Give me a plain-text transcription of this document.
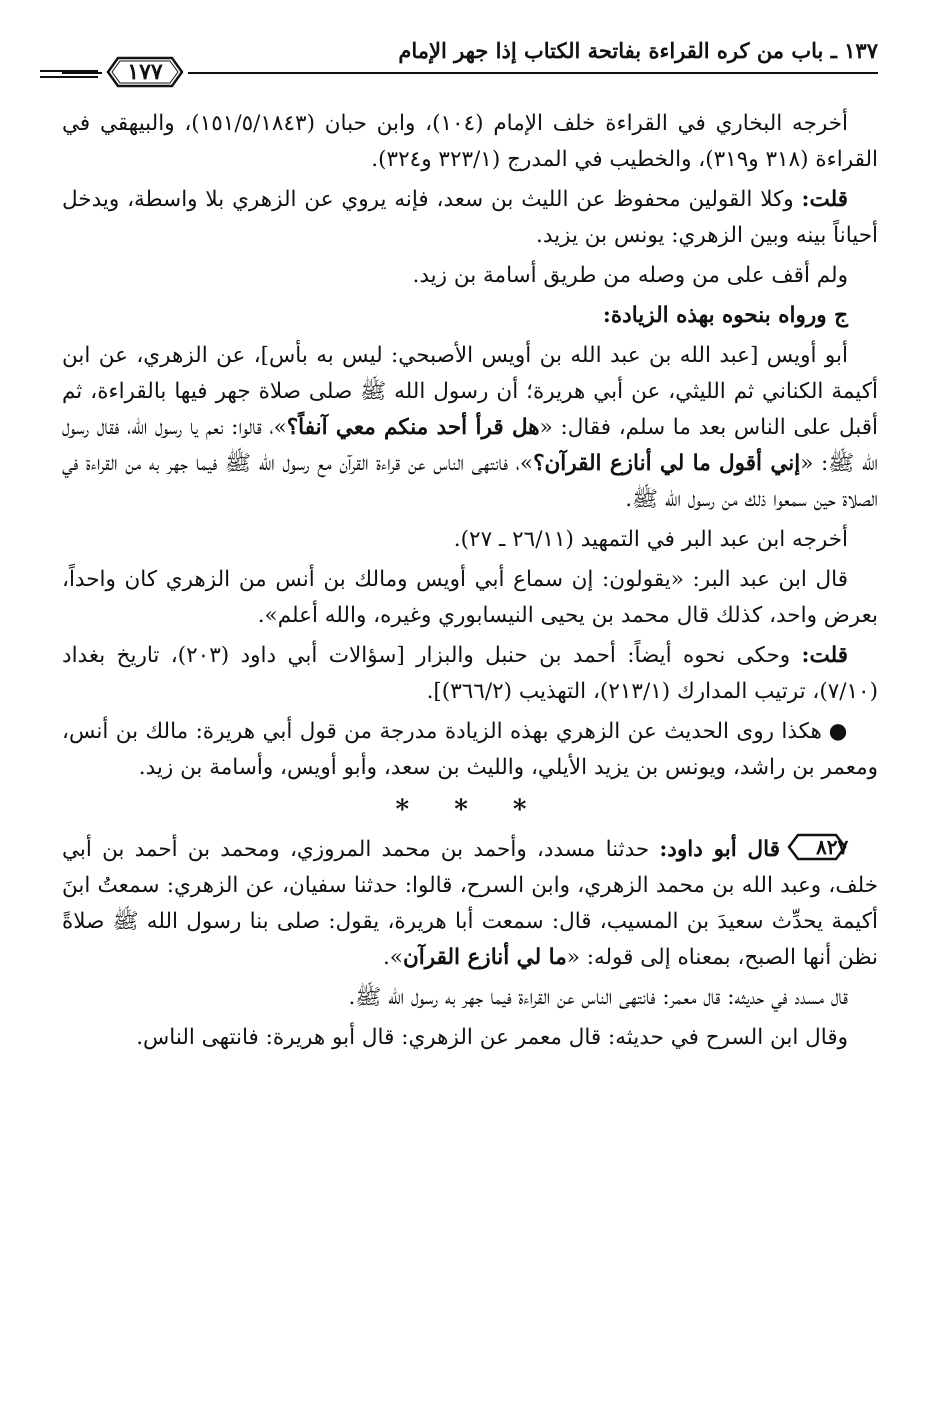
١٣٧ ـ باب من كره القراءة بفاتحة الكتاب إذا جهر الإمام
١٧٧

أخرجه البخاري في القراءة خلف الإمام (١٠٤)، وابن حبان (١٥١/٥/١٨٤٣)، والبيهقي في القراءة (٣١٨ و٣١٩)، والخطيب في المدرج (٣٢٣/١ و٣٢٤).

قلت: وكلا القولين محفوظ عن الليث بن سعد، فإنه يروي عن الزهري بلا واسطة، ويدخل أحياناً بينه وبين الزهري: يونس بن يزيد.

ولم أقف على من وصله من طريق أسامة بن زيد.

ج ورواه بنحوه بهذه الزيادة:

أبو أويس [عبد الله بن عبد الله بن أويس الأصبحي: ليس به بأس]، عن الزهري، عن ابن أكيمة الكناني ثم الليثي، عن أبي هريرة؛ أن رسول الله ﷺ صلى صلاة جهر فيها بالقراءة، ثم أقبل على الناس بعد ما سلم، فقال: «هل قرأ أحد منكم معي آنفاً؟»، قالوا: نعم يا رسول الله، فقال رسول الله ﷺ: «إني أقول ما لي أنازع القرآن؟»، فانتهى الناس عن قراءة القرآن مع رسول الله ﷺ فيما جهر به من القراءة في الصلاة حين سمعوا ذلك من رسول الله ﷺ.

أخرجه ابن عبد البر في التمهيد (٢٦/١١ ـ ٢٧).

قال ابن عبد البر: «يقولون: إن سماع أبي أويس ومالك بن أنس من الزهري كان واحداً، بعرض واحد، كذلك قال محمد بن يحيى النيسابوري وغيره، والله أعلم».

قلت: وحكى نحوه أيضاً: أحمد بن حنبل والبزار [سؤالات أبي داود (٢٠٣)، تاريخ بغداد (٧/١٠)، ترتيب المدارك (٢١٣/١)، التهذيب (٣٦٦/٢)].

● هكذا روى الحديث عن الزهري بهذه الزيادة مدرجة من قول أبي هريرة: مالك بن أنس، ومعمر بن راشد، ويونس بن يزيد الأيلي، والليث بن سعد، وأبو أويس، وأسامة بن زيد.

* * *

٨٢٧
قال أبو داود: حدثنا مسدد، وأحمد بن محمد المروزي، ومحمد بن أحمد بن أبي خلف، وعبد الله بن محمد الزهري، وابن السرح، قالوا: حدثنا سفيان، عن الزهري: سمعتُ ابنَ أكيمة يحدِّث سعيدَ بن المسيب، قال: سمعت أبا هريرة، يقول: صلى بنا رسول الله ﷺ صلاةً نظن أنها الصبح، بمعناه إلى قوله: «ما لي أنازع القرآن».

قال مسدد في حديثه: قال معمر: فانتهى الناس عن القراءة فيما جهر به رسول الله ﷺ.

وقال ابن السرح في حديثه: قال معمر عن الزهري: قال أبو هريرة: فانتهى الناس.
